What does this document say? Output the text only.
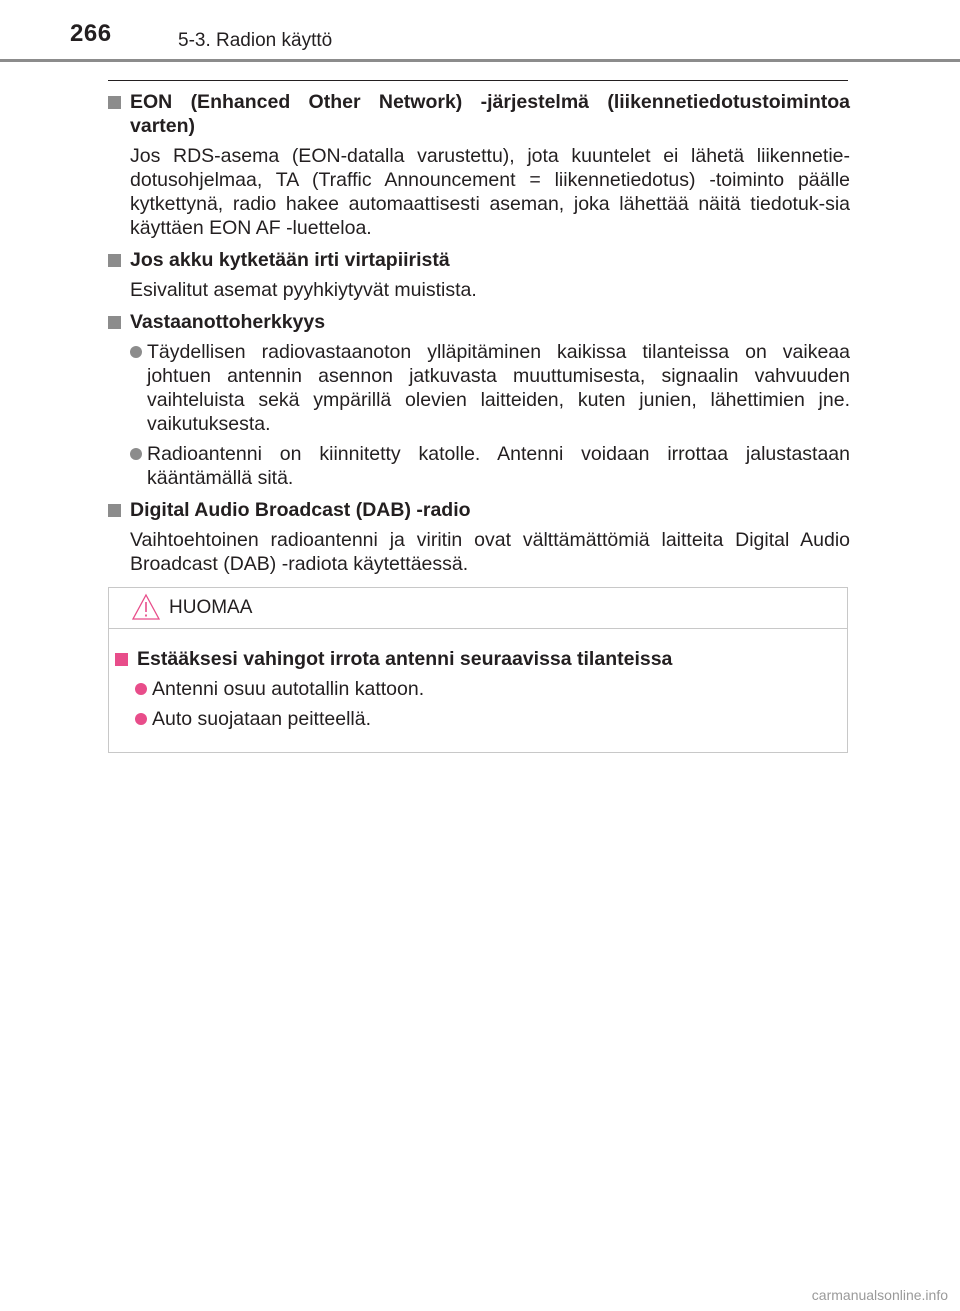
266	5-3. Radion käyttö

EON (Enhanced Other Network) -järjestelmä (liikennetiedotustoimintoa varten)

Jos RDS-asema (EON-datalla varustettu), jota kuuntelet ei lähetä liikennetie-dotusohjelmaa, TA (Traffic Announcement = liikennetiedotus) -toiminto päälle kytkettynä, radio hakee automaattisesti aseman, joka lähettää näitä tiedotuk-sia käyttäen EON AF -luetteloa.

Jos akku kytketään irti virtapiiristä

Esivalitut asemat pyyhkiytyvät muistista.

Vastaanottoherkkyys

Täydellisen radiovastaanoton ylläpitäminen kaikissa tilanteissa on vaikeaa johtuen antennin asennon jatkuvasta muuttumisesta, signaalin vahvuuden vaihteluista sekä ympärillä olevien laitteiden, kuten junien, lähettimien jne. vaikutuksesta.

Radioantenni on kiinnitetty katolle. Antenni voidaan irrottaa jalustastaan kääntämällä sitä.

Digital Audio Broadcast (DAB) -radio

Vaihtoehtoinen radioantenni ja viritin ovat välttämättömiä laitteita Digital Audio Broadcast (DAB) -radiota käytettäessä.

HUOMAA

Estääksesi vahingot irrota antenni seuraavissa tilanteissa

Antenni osuu autotallin kattoon.

Auto suojataan peitteellä.

carmanualsonline.info
